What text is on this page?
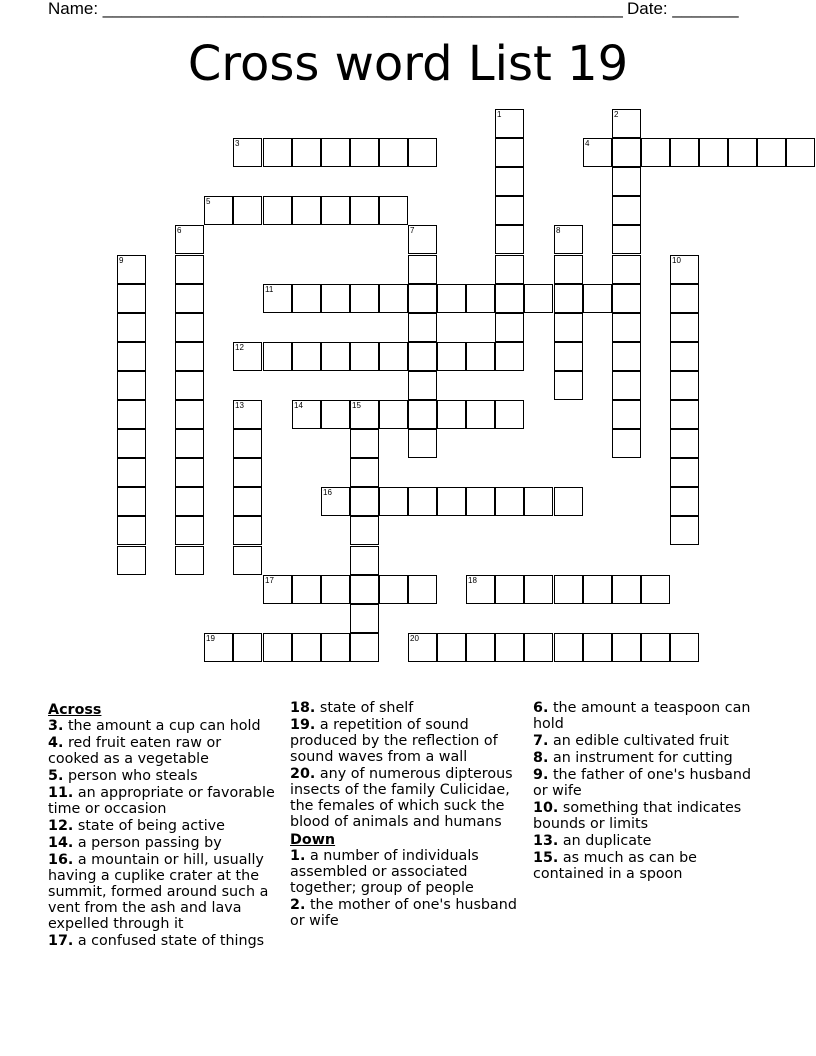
Name: _______________________________________________________ Date: _______
Cross word List 19
3	4
5
11
12
14	15
16
17	18
19	20
1	2
6	7	8
9	10
13
Across
3. the amount a cup can hold
4. red fruit eaten raw or cooked as a vegetable
5. person who steals
11. an appropriate or favorable time or occasion
12. state of being active
14. a person passing by
16. a mountain or hill, usually having a cuplike crater at the summit, formed around such a vent from the ash and lava expelled through it
17. a confused state of things
18. state of shelf
19. a repetition of sound produced by the reflection of sound waves from a wall
20. any of numerous dipterous insects of the family Culicidae, the females of which suck the blood of animals and humans
Down
1. a number of individuals assembled or associated together; group of people
2. the mother of one's husband or wife
6. the amount a teaspoon can hold
7. an edible cultivated fruit
8. an instrument for cutting
9. the father of one's husband or wife
10. something that indicates bounds or limits
13. an duplicate
15. as much as can be contained in a spoon
